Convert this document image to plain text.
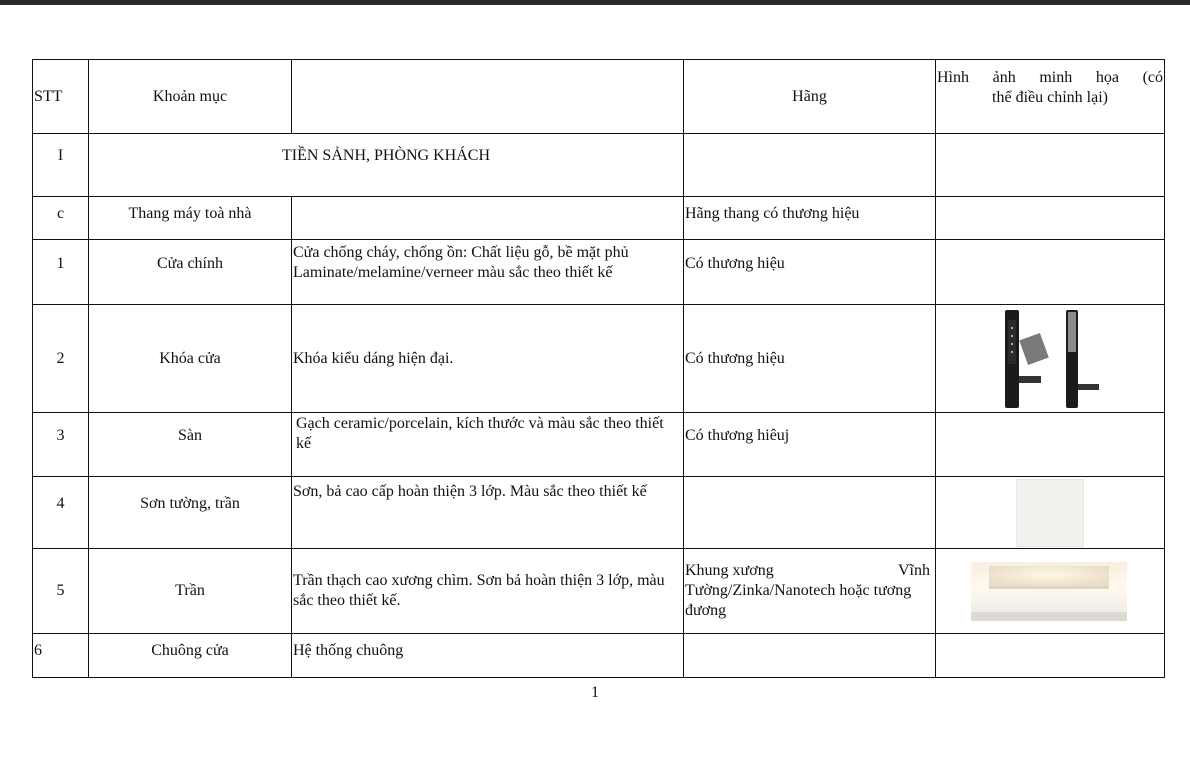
STT	Khoản mục		Hãng	Hình ảnh minh họa (có
thể điều chỉnh lại)

I	TIỀN SẢNH, PHÒNG KHÁCH			
c	Thang máy toà nhà		Hãng thang có thương hiệu	
1	Cửa chính	Cửa chống cháy, chống ồn: Chất liệu gỗ, bề mặt phủ Laminate/melamine/verneer màu sắc theo thiết kế	Có thương hiệu	
2	Khóa cửa	Khóa kiểu dáng hiện đại.	Có thương hiệu	

3	Sàn	Gạch ceramic/porcelain, kích thước và màu sắc theo thiết kế	Có thương hiêuj	
4	Sơn tường, trần	Sơn, bả cao cấp hoàn thiện 3 lớp. Màu sắc theo thiết kế		

5	Trần	Trần thạch cao xương chìm. Sơn bả hoàn thiện 3 lớp, màu sắc theo thiết kế.	Khung xương Vĩnh
Tường/Zinka/Nanotech hoặc tương đương

6	Chuông cửa	Hệ thống chuông		
1
